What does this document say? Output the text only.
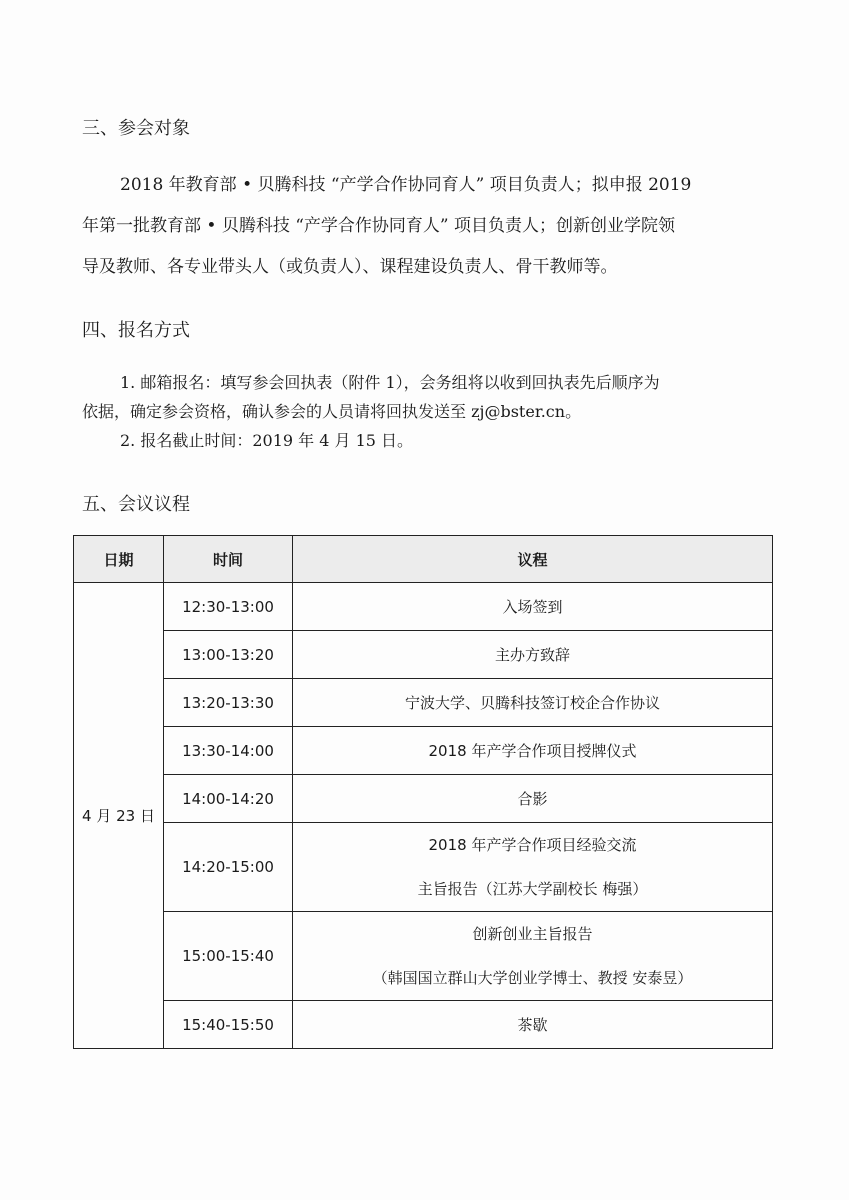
三、参会对象
2018 年教育部 • 贝腾科技 “产学合作协同育人” 项目负责人；拟申报 2019
年第一批教育部 • 贝腾科技 “产学合作协同育人” 项目负责人；创新创业学院领
导及教师、各专业带头人（或负责人）、课程建设负责人、骨干教师等。
四、报名方式
1. 邮箱报名：填写参会回执表（附件 1），会务组将以收到回执表先后顺序为
依据，确定参会资格，确认参会的人员请将回执发送至 zj@bster.cn。
2. 报名截止时间：2019 年 4 月 15 日。
五、会议议程
日期	时间	议程
4 月 23 日	12:30-13:00	入场签到
	13:00-13:20	主办方致辞
	13:20-13:30	宁波大学、贝腾科技签订校企合作协议
	13:30-14:00	2018 年产学合作项目授牌仪式
	14:00-14:20	合影
	14:20-15:00	2018 年产学合作项目经验交流
主旨报告（江苏大学副校长 梅强）

	15:00-15:40	创新创业主旨报告
（韩国国立群山大学创业学博士、教授 安泰昱）

	15:40-15:50	茶歇
